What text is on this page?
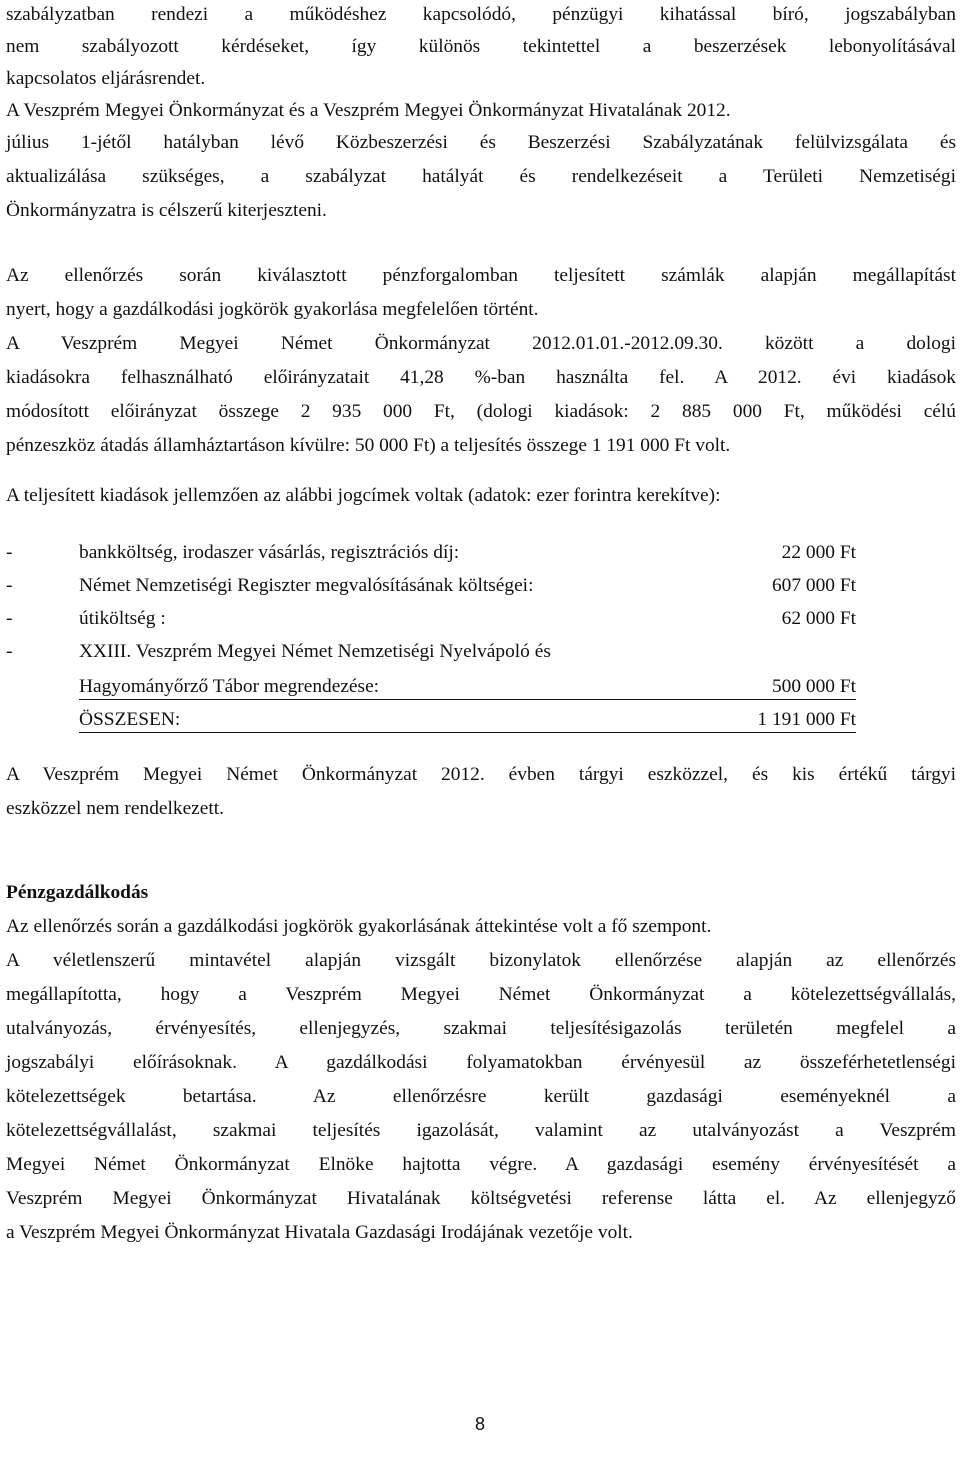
szabályzatban rendezi a működéshez kapcsolódó, pénzügyi kihatással bíró, jogszabályban
nem szabályozott kérdéseket, így különös tekintettel a beszerzések lebonyolításával
kapcsolatos eljárásrendet.
A Veszprém Megyei Önkormányzat és a Veszprém Megyei Önkormányzat Hivatalának 2012.
július 1-jétől hatályban lévő Közbeszerzési és Beszerzési Szabályzatának felülvizsgálata és
aktualizálása szükséges, a szabályzat hatályát és rendelkezéseit a Területi Nemzetiségi
Önkormányzatra is célszerű kiterjeszteni.
Az ellenőrzés során kiválasztott pénzforgalomban teljesített számlák alapján megállapítást
nyert, hogy a gazdálkodási jogkörök gyakorlása megfelelően történt.
A Veszprém Megyei Német Önkormányzat 2012.01.01.-2012.09.30. között a dologi
kiadásokra felhasználható előirányzatait 41,28 %-ban használta fel. A 2012. évi kiadások
módosított előirányzat összege 2 935 000 Ft, (dologi kiadások: 2 885 000 Ft, működési célú
pénzeszköz átadás államháztartáson kívülre: 50 000 Ft) a teljesítés összege 1 191 000 Ft volt.
A teljesített kiadások jellemzően az alábbi jogcímek voltak (adatok: ezer forintra kerekítve):
-	bankköltség, irodaszer vásárlás, regisztrációs díj:	22 000 Ft
-	Német Nemzetiségi Regiszter megvalósításának költségei:	607 000 Ft
-	útiköltség :	62 000 Ft
-	XXIII. Veszprém Megyei Német Nemzetiségi Nyelvápoló és
Hagyományőrző Tábor megrendezése:	500 000 Ft
ÖSSZESEN:	1 191 000 Ft
A Veszprém Megyei Német Önkormányzat 2012. évben tárgyi eszközzel, és kis értékű tárgyi
eszközzel nem rendelkezett.
Pénzgazdálkodás
Az ellenőrzés során a gazdálkodási jogkörök gyakorlásának áttekintése volt a fő szempont.
A véletlenszerű mintavétel alapján vizsgált bizonylatok ellenőrzése alapján az ellenőrzés
megállapította, hogy a Veszprém Megyei Német Önkormányzat a kötelezettségvállalás,
utalványozás, érvényesítés, ellenjegyzés, szakmai teljesítésigazolás területén megfelel a
jogszabályi előírásoknak. A gazdálkodási folyamatokban érvényesül az összeférhetetlenségi
kötelezettségek betartása. Az ellenőrzésre került gazdasági eseményeknél a
kötelezettségvállalást, szakmai teljesítés igazolását, valamint az utalványozást a Veszprém
Megyei Német Önkormányzat Elnöke hajtotta végre. A gazdasági esemény érvényesítését a
Veszprém Megyei Önkormányzat Hivatalának költségvetési referense látta el. Az ellenjegyző
a Veszprém Megyei Önkormányzat Hivatala Gazdasági Irodájának vezetője volt.
8
